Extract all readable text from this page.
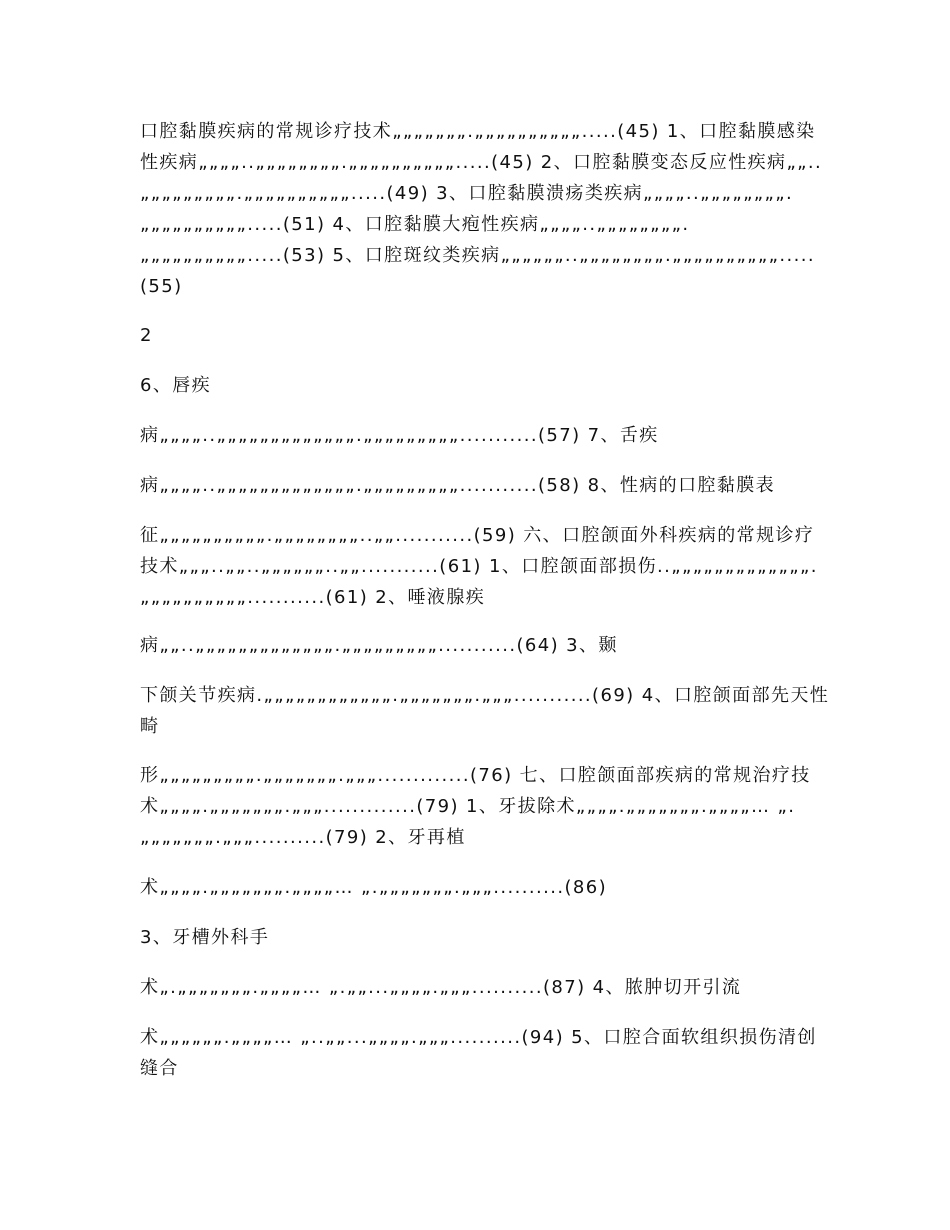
口腔黏膜疾病的常规诊疗技术„„„„„„„.„„„„„„„„„„.....(45) 1、口腔黏膜感染性疾病„„„„..„„„„„„„„.„„„„„„„„„„.....(45) 2、口腔黏膜变态反应性疾病„„..„„„„„„„„„.„„„„„„„„„„.....(49) 3、口腔黏膜溃疡类疾病„„„„..„„„„„„„„.„„„„„„„„„„.....(51) 4、口腔黏膜大疱性疾病„„„„..„„„„„„„„.„„„„„„„„„„.....(53) 5、口腔斑纹类疾病„„„„„„..„„„„„„„„.„„„„„„„„„„.....(55)

2

6、唇疾

病„„„„..„„„„„„„„„„„„„.„„„„„„„„„...........(57) 7、舌疾

病„„„„..„„„„„„„„„„„„„.„„„„„„„„„...........(58) 8、性病的口腔黏膜表

征„„„„„„„„„„.„„„„„„„„..„„...........(59) 六、口腔颌面外科疾病的常规诊疗技术„„„..„„..„„„„„„..„„...........(61) 1、口腔颌面部损伤..„„„„„„„„„„„„„.„„„„„„„„„„...........(61) 2、唾液腺疾

病„„..„„„„„„„„„„„„„.„„„„„„„„„...........(64) 3、颞

下颌关节疾病.„„„„„„„„„„„„.„„„„„„„.„„„...........(69) 4、口腔颌面部先天性畸

形„„„„„„„„„.„„„„„„„.„„„.............(76) 七、口腔颌面部疾病的常规治疗技术„„„„.„„„„„„„.„„„.............(79) 1、牙拔除术„„„„.„„„„„„„.„„„„… „.„„„„„„„.„„„..........(79) 2、牙再植

术„„„„.„„„„„„„.„„„„… „.„„„„„„„.„„„..........(86)

3、牙槽外科手

术„.„„„„„„„.„„„„… „.„„...„„„„.„„„..........(87) 4、脓肿切开引流

术„„„„„„.„„„„… „..„„...„„„„.„„„..........(94) 5、口腔合面软组织损伤清创缝合
